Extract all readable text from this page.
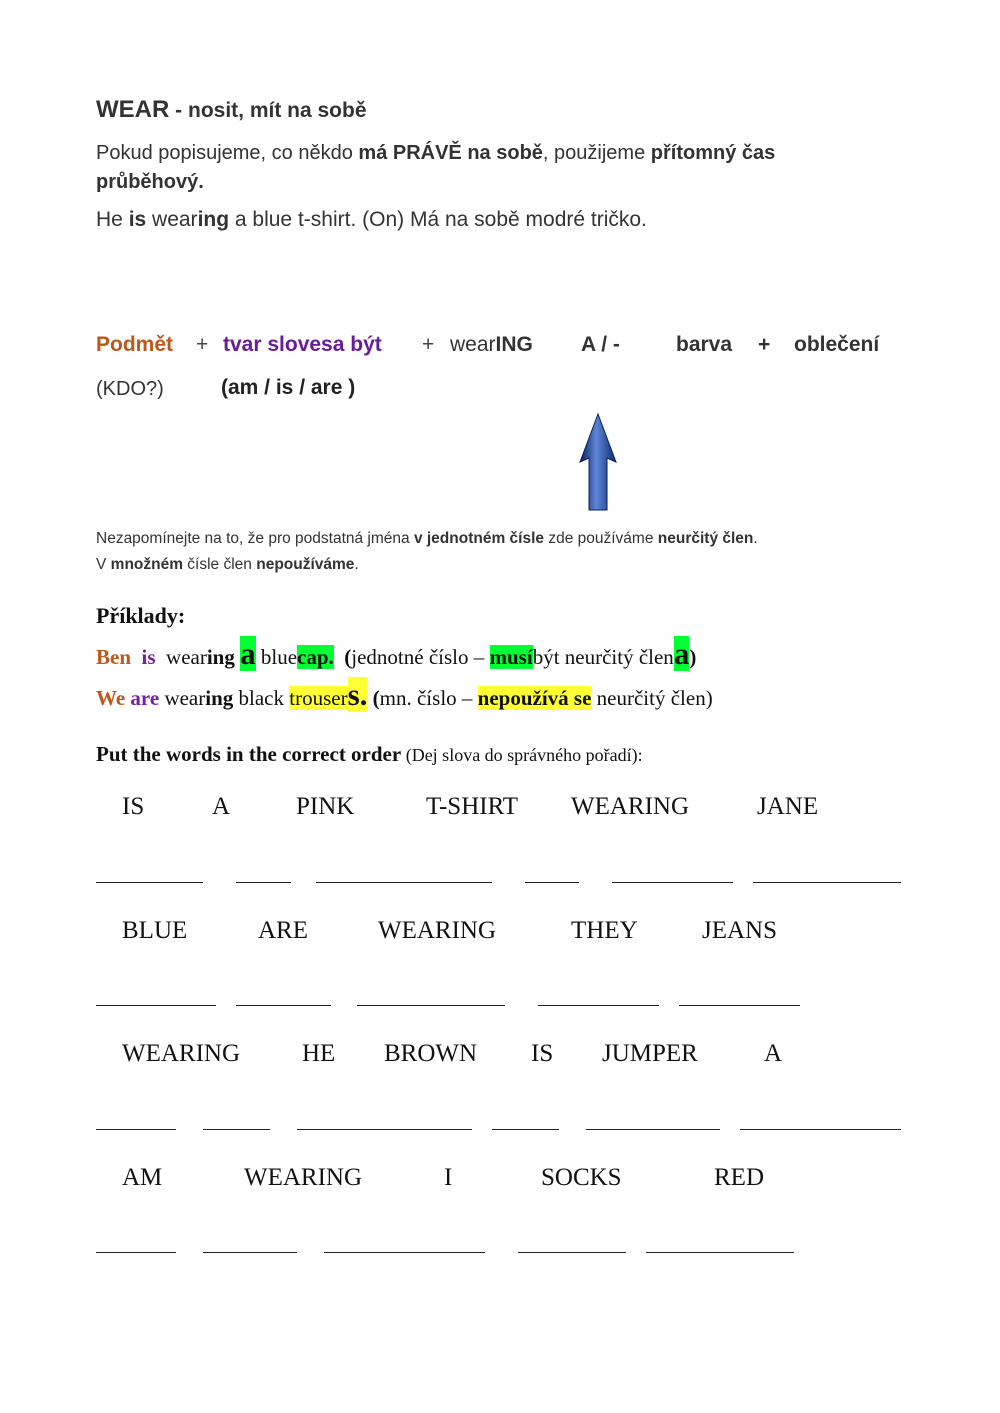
WEAR - nosit, mít na sobě
Pokud popisujeme, co někdo má PRÁVĚ na sobě, použijeme přítomný čas průběhový.
He is wearing a blue t-shirt. (On) Má na sobě modré tričko.
Podmět + tvar slovesa být + wearING A / -	barva + oblečení
(KDO?)	(am / is / are )
Nezapomínejte na to, že pro podstatná jména v jednotném čísle zde používáme neurčitý člen.
V množném čísle člen nepoužíváme.
Příklady:
Ben is wearing a bluecap. (jednotné číslo – musíbýt neurčitý člena)
We are wearing black trousers. (mn. číslo – nepoužívá se neurčitý člen)
Put the words in the correct order (Dej slova do správného pořadí):
IS	A	PINK	T-SHIRT WEARING	JANE
BLUE	ARE	WEARING	THEY	JEANS
WEARING HE BROWN IS JUMPER	A
AM	WEARING	I	SOCKS	RED
